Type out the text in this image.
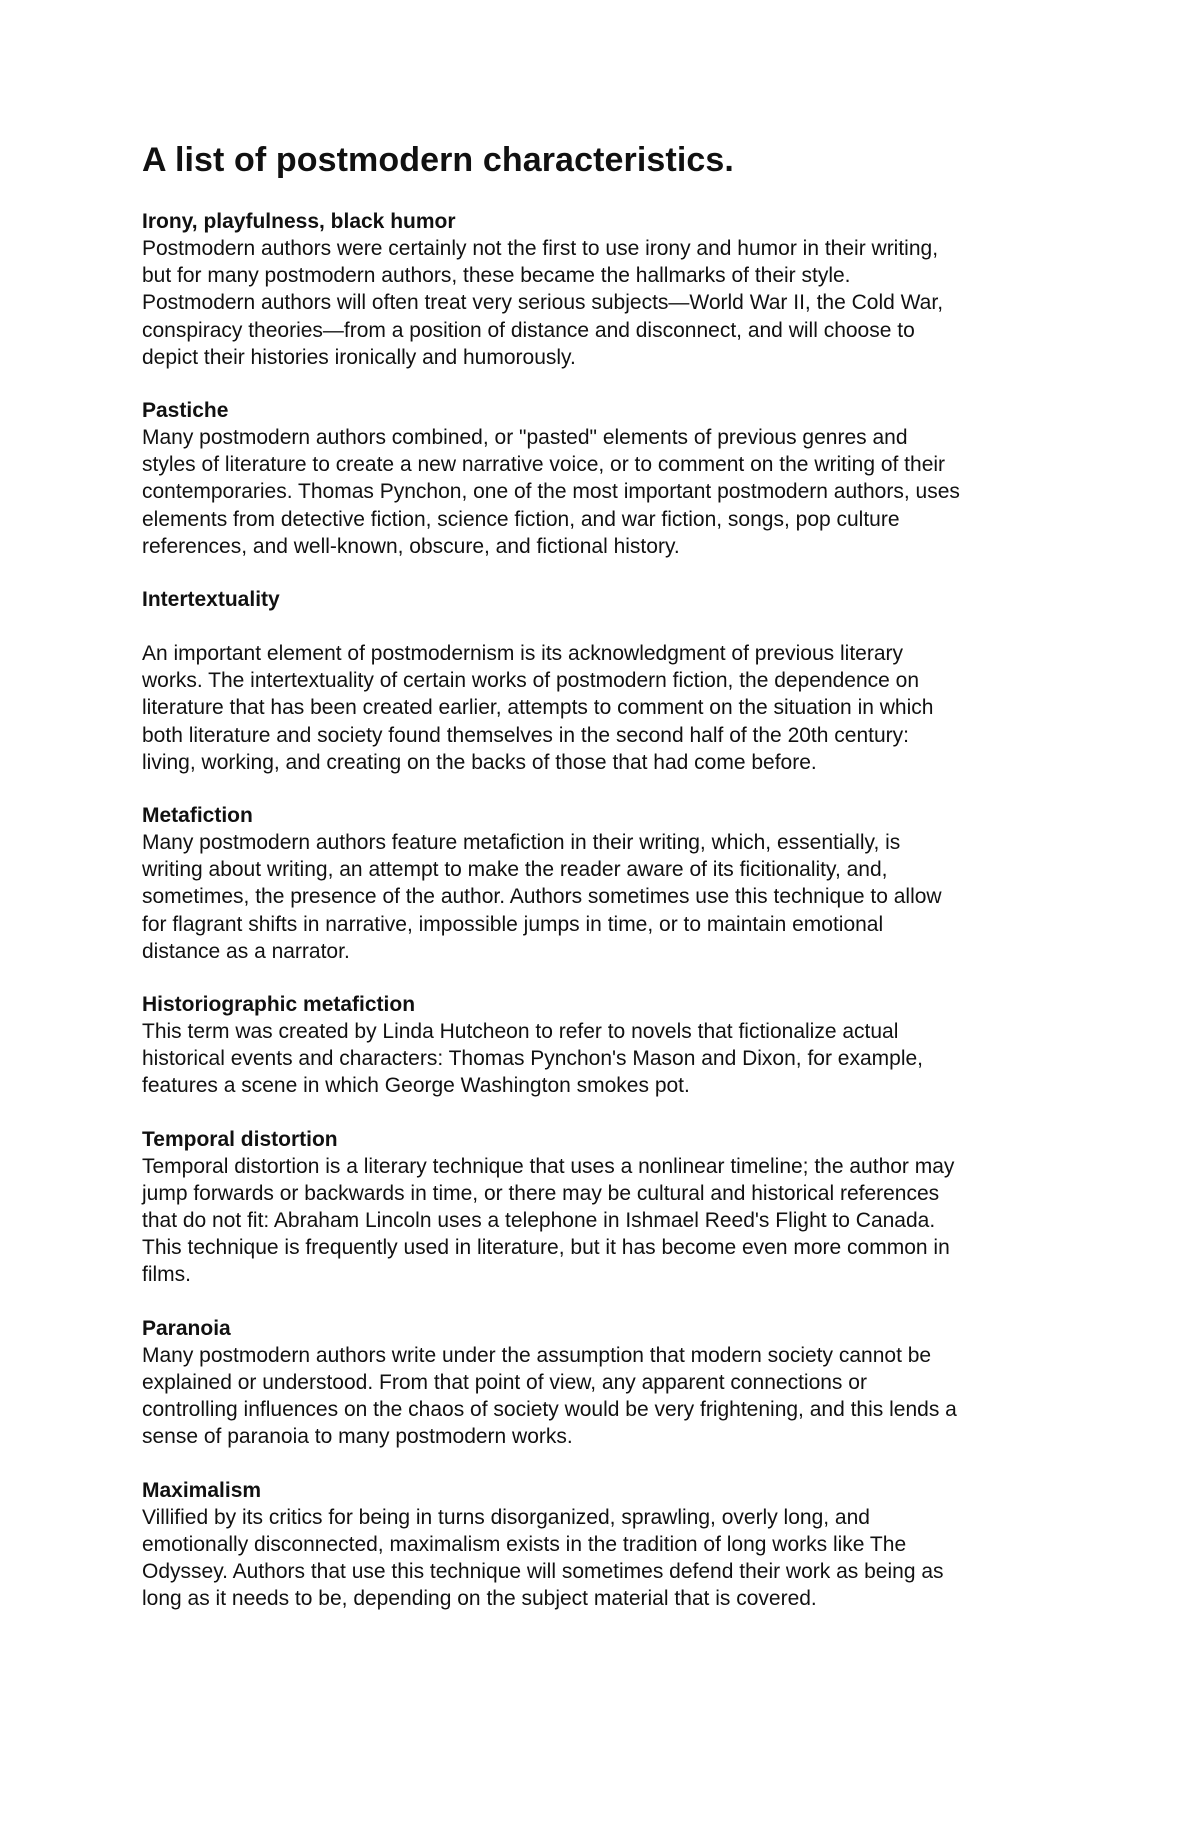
A list of postmodern characteristics.

Irony, playfulness, black humor

Postmodern authors were certainly not the first to use irony and humor in their writing,
but for many postmodern authors, these became the hallmarks of their style.
Postmodern authors will often treat very serious subjects—World War II, the Cold War,
conspiracy theories—from a position of distance and disconnect, and will choose to
depict their histories ironically and humorously.

Pastiche

Many postmodern authors combined, or "pasted" elements of previous genres and
styles of literature to create a new narrative voice, or to comment on the writing of their
contemporaries. Thomas Pynchon, one of the most important postmodern authors, uses
elements from detective fiction, science fiction, and war fiction, songs, pop culture
references, and well-known, obscure, and fictional history.

Intertextuality

An important element of postmodernism is its acknowledgment of previous literary
works. The intertextuality of certain works of postmodern fiction, the dependence on
literature that has been created earlier, attempts to comment on the situation in which
both literature and society found themselves in the second half of the 20th century:
living, working, and creating on the backs of those that had come before.

Metafiction

Many postmodern authors feature metafiction in their writing, which, essentially, is
writing about writing, an attempt to make the reader aware of its ficitionality, and,
sometimes, the presence of the author. Authors sometimes use this technique to allow
for flagrant shifts in narrative, impossible jumps in time, or to maintain emotional
distance as a narrator.

Historiographic metafiction

This term was created by Linda Hutcheon to refer to novels that fictionalize actual
historical events and characters: Thomas Pynchon's Mason and Dixon, for example,
features a scene in which George Washington smokes pot.

Temporal distortion

Temporal distortion is a literary technique that uses a nonlinear timeline; the author may
jump forwards or backwards in time, or there may be cultural and historical references
that do not fit: Abraham Lincoln uses a telephone in Ishmael Reed's Flight to Canada.
This technique is frequently used in literature, but it has become even more common in
films.

Paranoia

Many postmodern authors write under the assumption that modern society cannot be
explained or understood. From that point of view, any apparent connections or
controlling influences on the chaos of society would be very frightening, and this lends a
sense of paranoia to many postmodern works.

Maximalism

Villified by its critics for being in turns disorganized, sprawling, overly long, and
emotionally disconnected, maximalism exists in the tradition of long works like The
Odyssey. Authors that use this technique will sometimes defend their work as being as
long as it needs to be, depending on the subject material that is covered.
